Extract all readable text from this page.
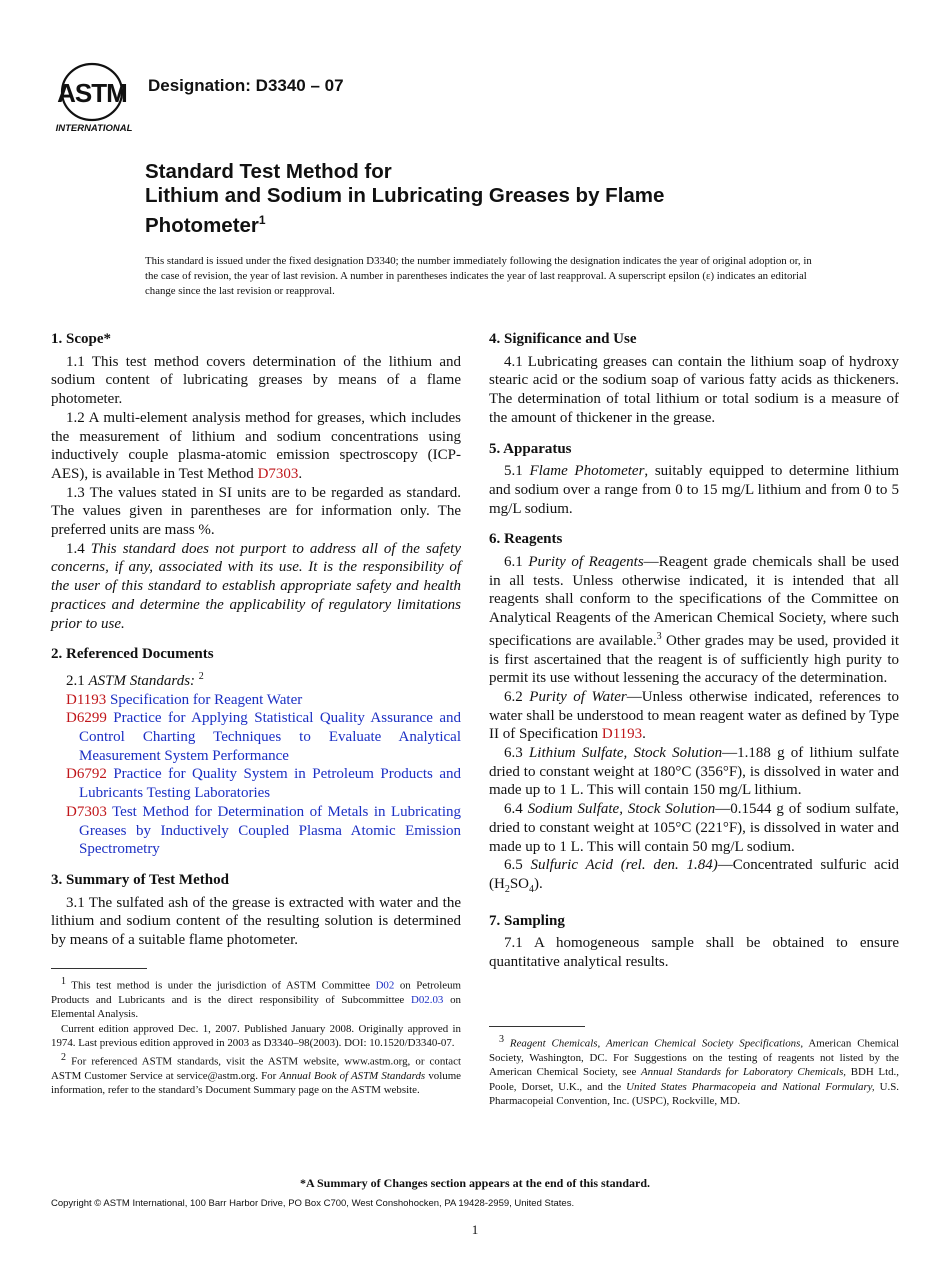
ASTM
INTERNATIONAL
Designation: D3340 – 07
Standard Test Method for
Lithium and Sodium in Lubricating Greases by Flame
Photometer$^1$
This standard is issued under the fixed designation D3340; the number immediately following the designation indicates the year of original adoption or, in the case of revision, the year of last revision. A number in parentheses indicates the year of last reapproval. A superscript epsilon (ε) indicates an editorial change since the last revision or reapproval.
1. Scope*

1.1 This test method covers determination of the lithium and sodium content of lubricating greases by means of a flame photometer.

1.2 A multi-element analysis method for greases, which includes the measurement of lithium and sodium concentrations using inductively couple plasma-atomic emission spectroscopy (ICP-AES), is available in Test Method D7303.

1.3 The values stated in SI units are to be regarded as standard. The values given in parentheses are for information only. The preferred units are mass %.

1.4 This standard does not purport to address all of the safety concerns, if any, associated with its use. It is the responsibility of the user of this standard to establish appropriate safety and health practices and determine the applicability of regulatory limitations prior to use.

2. Referenced Documents

2.1 ASTM Standards: $^2$

D1193 Specification for Reagent Water
D6299 Practice for Applying Statistical Quality Assurance and Control Charting Techniques to Evaluate Analytical Measurement System Performance
D6792 Practice for Quality System in Petroleum Products and Lubricants Testing Laboratories
D7303 Test Method for Determination of Metals in Lubricating Greases by Inductively Coupled Plasma Atomic Emission Spectrometry
3. Summary of Test Method

3.1 The sulfated ash of the grease is extracted with water and the lithium and sodium content of the resulting solution is determined by means of a suitable flame photometer.

$^1$ This test method is under the jurisdiction of ASTM Committee D02 on Petroleum Products and Lubricants and is the direct responsibility of Subcommittee D02.03 on Elemental Analysis.

Current edition approved Dec. 1, 2007. Published January 2008. Originally approved in 1974. Last previous edition approved in 2003 as D3340–98(2003). DOI: 10.1520/D3340-07.

$^2$ For referenced ASTM standards, visit the ASTM website, www.astm.org, or contact ASTM Customer Service at service@astm.org. For Annual Book of ASTM Standards volume information, refer to the standard’s Document Summary page on the ASTM website.

4. Significance and Use

4.1 Lubricating greases can contain the lithium soap of hydroxy stearic acid or the sodium soap of various fatty acids as thickeners. The determination of total lithium or total sodium is a measure of the amount of thickener in the grease.

5. Apparatus

5.1 Flame Photometer, suitably equipped to determine lithium and sodium over a range from 0 to 15 mg/L lithium and from 0 to 5 mg/L sodium.

6. Reagents

6.1 Purity of Reagents—Reagent grade chemicals shall be used in all tests. Unless otherwise indicated, it is intended that all reagents shall conform to the specifications of the Committee on Analytical Reagents of the American Chemical Society, where such specifications are available.$^3$ Other grades may be used, provided it is first ascertained that the reagent is of sufficiently high purity to permit its use without lessening the accuracy of the determination.

6.2 Purity of Water—Unless otherwise indicated, references to water shall be understood to mean reagent water as defined by Type II of Specification D1193.

6.3 Lithium Sulfate, Stock Solution—1.188 g of lithium sulfate dried to constant weight at 180°C (356°F), is dissolved in water and made up to 1 L. This will contain 150 mg/L lithium.

6.4 Sodium Sulfate, Stock Solution—0.1544 g of sodium sulfate, dried to constant weight at 105°C (221°F), is dissolved in water and made up to 1 L. This will contain 50 mg/L sodium.

6.5 Sulfuric Acid (rel. den. 1.84)—Concentrated sulfuric acid $(H_2SO_4)$.

7. Sampling

7.1 A homogeneous sample shall be obtained to ensure quantitative analytical results.

$^3$ Reagent Chemicals, American Chemical Society Specifications, American Chemical Society, Washington, DC. For Suggestions on the testing of reagents not listed by the American Chemical Society, see Annual Standards for Laboratory Chemicals, BDH Ltd., Poole, Dorset, U.K., and the United States Pharmacopeia and National Formulary, U.S. Pharmacopeial Convention, Inc. (USPC), Rockville, MD.

*A Summary of Changes section appears at the end of this standard.
Copyright © ASTM International, 100 Barr Harbor Drive, PO Box C700, West Conshohocken, PA 19428-2959, United States.
1
